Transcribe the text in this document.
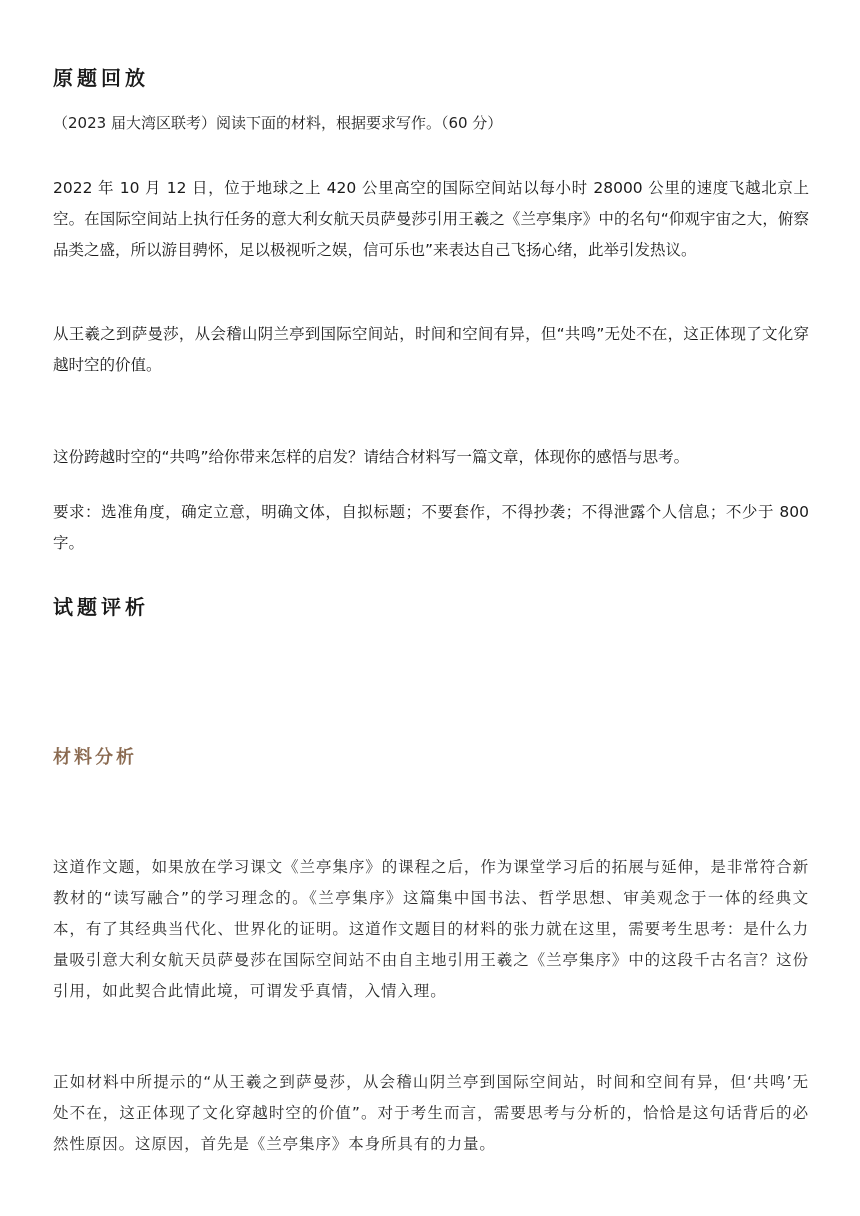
原题回放

（2023 届大湾区联考）阅读下面的材料，根据要求写作。（60 分）

2022 年 10 月 12 日，位于地球之上 420 公里高空的国际空间站以每小时 28000 公里的速度飞越北京上空。在国际空间站上执行任务的意大利女航天员萨曼莎引用王羲之《兰亭集序》中的名句“仰观宇宙之大，俯察品类之盛，所以游目骋怀，足以极视听之娱，信可乐也”来表达自己飞扬心绪，此举引发热议。

从王羲之到萨曼莎，从会稽山阴兰亭到国际空间站，时间和空间有异，但“共鸣”无处不在，这正体现了文化穿越时空的价值。

这份跨越时空的“共鸣”给你带来怎样的启发？请结合材料写一篇文章，体现你的感悟与思考。

要求：选准角度，确定立意，明确文体，自拟标题；不要套作，不得抄袭；不得泄露个人信息；不少于 800 字。

试题评析
材料分析

这道作文题，如果放在学习课文《兰亭集序》的课程之后，作为课堂学习后的拓展与延伸，是非常符合新教材的“读写融合”的学习理念的。《兰亭集序》这篇集中国书法、哲学思想、审美观念于一体的经典文本，有了其经典当代化、世界化的证明。这道作文题目的材料的张力就在这里，需要考生思考：是什么力量吸引意大利女航天员萨曼莎在国际空间站不由自主地引用王羲之《兰亭集序》中的这段千古名言？这份引用，如此契合此情此境，可谓发乎真情，入情入理。

正如材料中所提示的“从王羲之到萨曼莎，从会稽山阴兰亭到国际空间站，时间和空间有异，但‘共鸣’无处不在，这正体现了文化穿越时空的价值”。对于考生而言，需要思考与分析的，恰恰是这句话背后的必然性原因。这原因，首先是《兰亭集序》本身所具有的力量。
